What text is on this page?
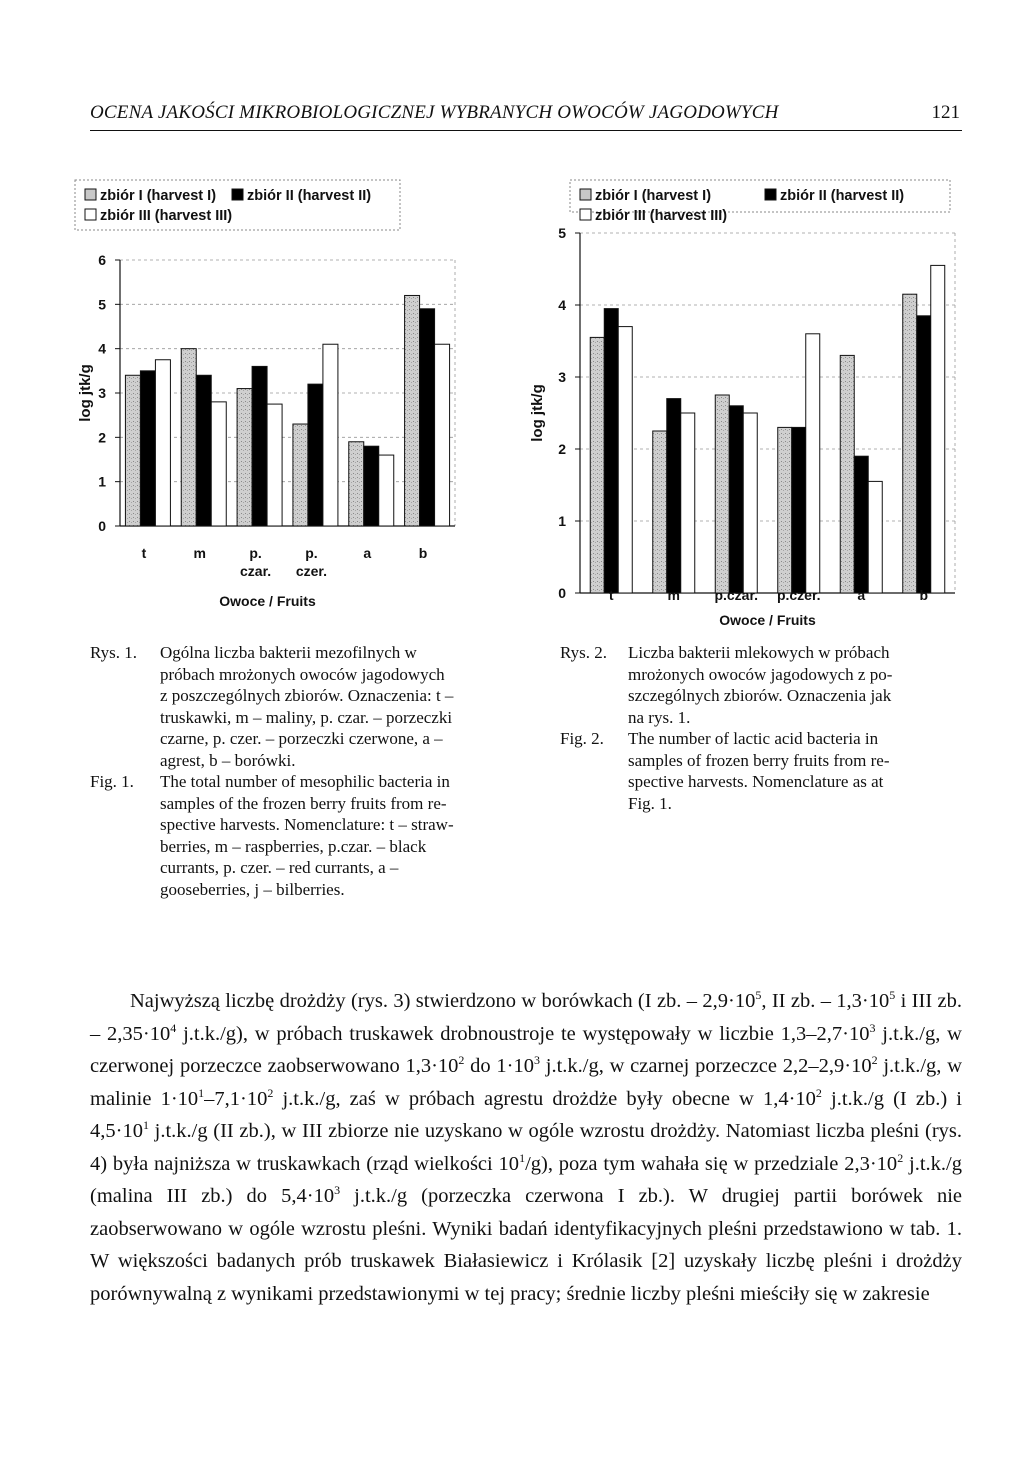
OCENA JAKOŚCI MIKROBIOLOGICZNEJ WYBRANYCH OWOCÓW JAGODOWYCH	121
zbiór I (harvest I) zbiór II (harvest II)
zbiór III (harvest III)
0
1
2
3
4
5
6
log jtk/g
t	m	p.
czar.
p.
czer.
a	b
Owoce / Fruits
zbiór I (harvest I)	zbiór II (harvest II)
zbiór III (harvest III)
0
1
2
3
4
5
log jtk/g
t	m p.czar. p.czer.	a	b
Owoce / Fruits
Rys. 1.	Ogólna liczba bakterii mezofilnych w
próbach mrożonych owoców jagodowych
z poszczególnych zbiorów. Oznaczenia: t –
truskawki, m – maliny, p. czar. – porzeczki
czarne, p. czer. – porzeczki czerwone, a –
agrest, b – borówki.
Fig. 1.	The total number of mesophilic bacteria in
samples of the frozen berry fruits from re-
spective harvests. Nomenclature: t – straw-
berries, m – raspberries, p.czar. – black
currants, p. czer. – red currants, a –
gooseberries, j – bilberries.
Rys. 2.	Liczba bakterii mlekowych w próbach
mrożonych owoców jagodowych z po-
szczególnych zbiorów. Oznaczenia jak
na rys. 1.
Fig. 2.	The number of lactic acid bacteria in
samples of frozen berry fruits from re-
spective harvests. Nomenclature as at
Fig. 1.
Najwyższą liczbę drożdży (rys. 3) stwierdzono w borówkach (I zb. – $2,9\cdot 10^5$, II zb. – $1,3\cdot 10^5$ i III zb. – $2,35\cdot 10^4$ j.t.k./g), w próbach truskawek drobnoustroje te występowały w liczbie $1,3-2,7\cdot 10^3$ j.t.k./g, w czerwonej porzeczce zaobserwowano $1,3\cdot 10^2$ do $1\cdot 10^3$ j.t.k./g, w czarnej porzeczce $2,2-2,9\cdot 10^2$ j.t.k./g, w malinie $1\cdot 10^1-7,1\cdot 10^2$ j.t.k./g, zaś w próbach agrestu drożdże były obecne w $1,4\cdot 10^2$ j.t.k./g (I zb.) i $4,5\cdot 10^1$ j.t.k./g (II zb.), w III zbiorze nie uzyskano w ogóle wzrostu drożdży. Natomiast liczba pleśni (rys. 4) była najniższa w truskawkach (rząd wielkości $10^1/g$), poza tym wahała się w przedziale $2,3\cdot 10^2$ j.t.k./g (malina III zb.) do $5,4\cdot 10^3$ j.t.k./g (porzeczka czerwona I zb.). W drugiej partii borówek nie zaobserwowano w ogóle wzrostu pleśni. Wyniki badań identyfikacyjnych pleśni przedstawiono w tab. 1. W większości badanych prób truskawek Białasiewicz i Królasik [2] uzyskały liczbę pleśni i drożdży porównywalną z wynikami przedstawionymi w tej pracy; średnie liczby pleśni mieściły się w zakresie
